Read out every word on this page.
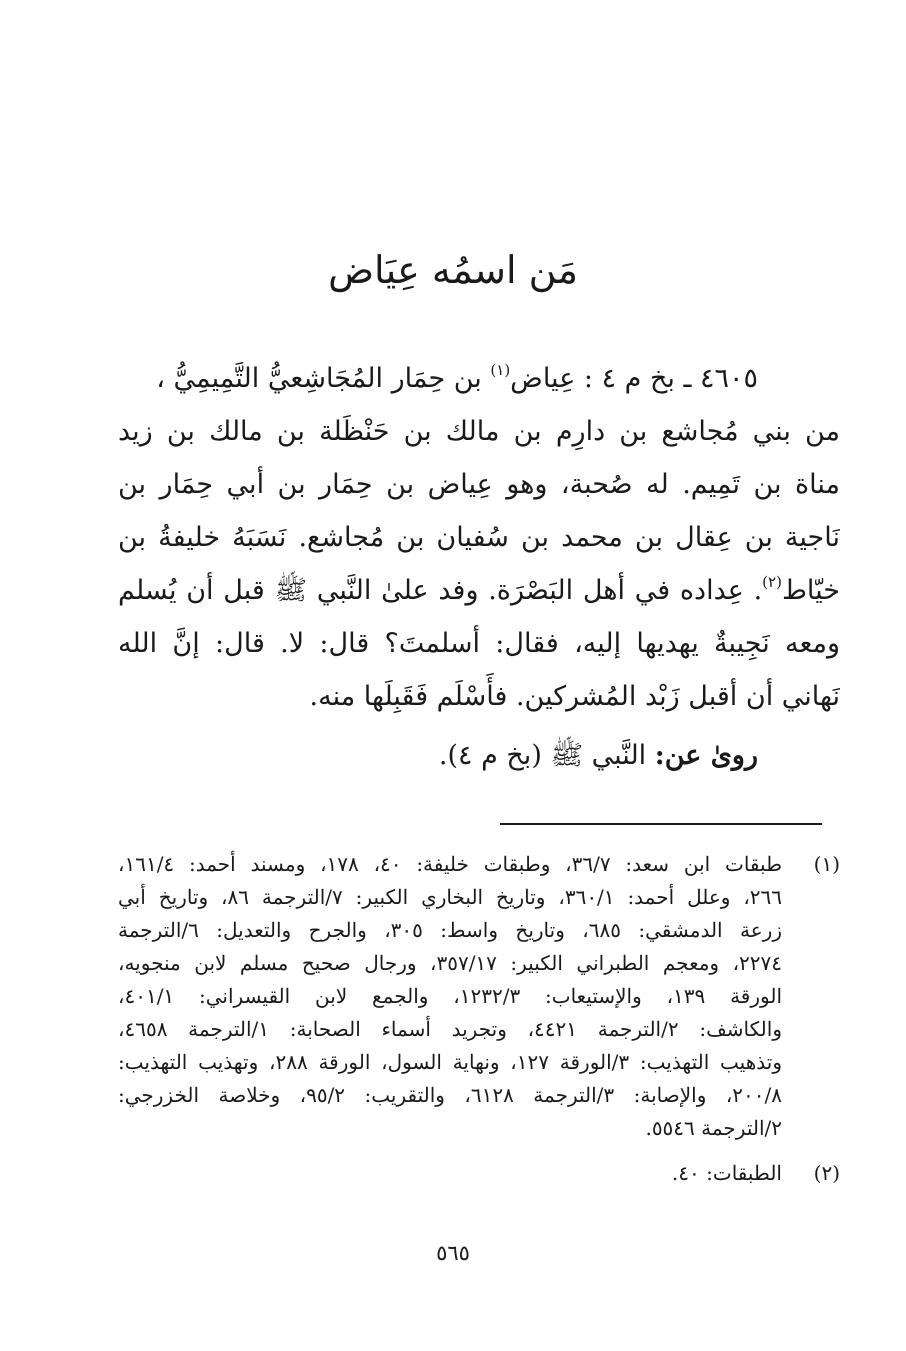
مَن اسمُه عِيَاض
٤٦٠٥ ـ بخ م ٤ : عِياض$^{(١)}$ بن حِمَار المُجَاشِعيُّ التَّمِيمِيُّ ،
من بني مُجاشع بن دارِم بن مالك بن حَنْظَلة بن مالك بن زيد
مناة بن تَمِيم. له صُحبة، وهو عِياض بن حِمَار بن أبي حِمَار بن
نَاجية بن عِقال بن محمد بن سُفيان بن مُجاشع. نَسَبَهُ خليفةُ بن
خيّاط$^{(٢)}$. عِداده في أهل البَصْرَة. وفد علىٰ النَّبي ﷺ قبل أن يُسلم
ومعه نَجِيبةٌ يهديها إليه، فقال: أسلمتَ؟ قال: لا. قال: إنَّ الله
نَهاني أن أقبل زَبْد المُشركين. فأَسْلَم فَقَبِلَها منه.
روىٰ عن: النَّبي ﷺ (بخ م ٤).
(١)
طبقات ابن سعد: ٣٦/٧، وطبقات خليفة: ٤٠، ١٧٨، ومسند أحمد: ١٦١/٤،
٢٦٦، وعلل أحمد: ٣٦٠/١، وتاريخ البخاري الكبير: ٧/الترجمة ٨٦، وتاريخ أبي
زرعة الدمشقي: ٦٨٥، وتاريخ واسط: ٣٠٥، والجرح والتعديل: ٦/الترجمة
٢٢٧٤، ومعجم الطبراني الكبير: ٣٥٧/١٧، ورجال صحيح مسلم لابن منجويه،
الورقة ١٣٩، والإستيعاب: ١٢٣٢/٣، والجمع لابن القيسراني: ٤٠١/١،
والكاشف: ٢/الترجمة ٤٤٢١، وتجريد أسماء الصحابة: ١/الترجمة ٤٦٥٨،
وتذهيب التهذيب: ٣/الورقة ١٢٧، ونهاية السول، الورقة ٢٨٨، وتهذيب التهذيب:
٢٠٠/٨، والإصابة: ٣/الترجمة ٦١٢٨، والتقريب: ٩٥/٢، وخلاصة الخزرجي:
٢/الترجمة ٥٥٤٦.
(٢)
الطبقات: ٤٠.
٥٦٥
